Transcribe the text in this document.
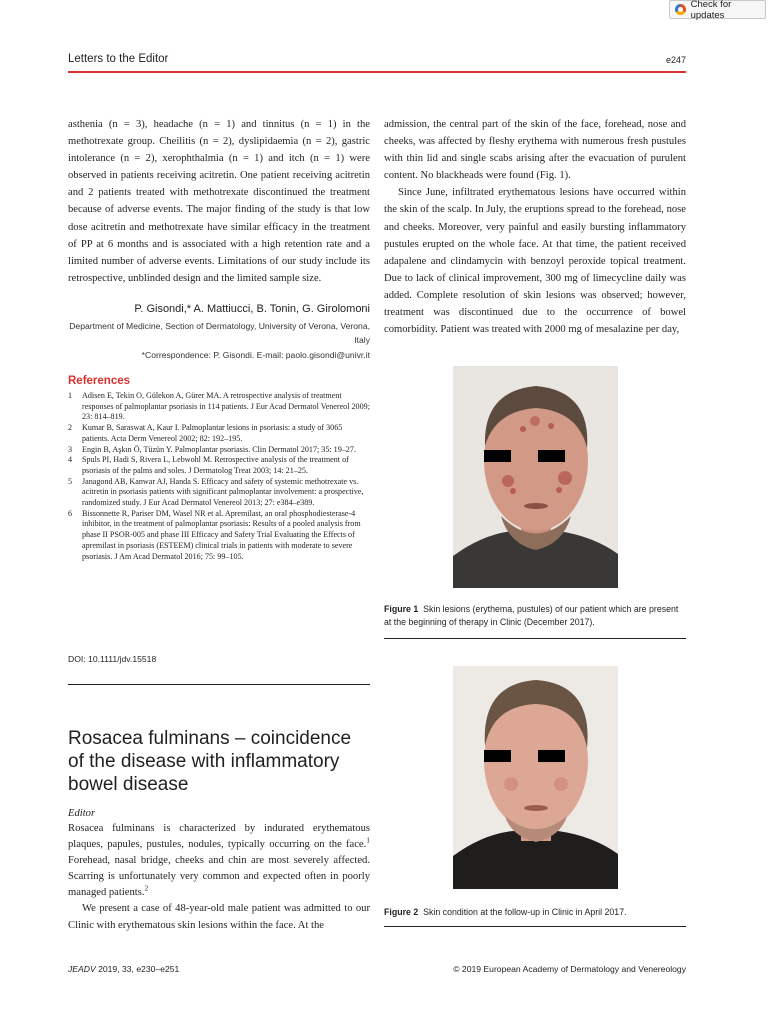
Check for updates
Letters to the Editor	e247

asthenia (n = 3), headache (n = 1) and tinnitus (n = 1) in the methotrexate group. Cheilitis (n = 2), dyslipidaemia (n = 2), gastric intolerance (n = 2), xerophthalmia (n = 1) and itch (n = 1) were observed in patients receiving acitretin. One patient receiving acitretin and 2 patients treated with methotrexate discontinued the treatment because of adverse events. The major finding of the study is that low dose acitretin and methotrexate have similar efficacy in the treatment of PP at 6 months and is associated with a high retention rate and a limited number of adverse events. Limitations of our study include its retrospective, unblinded design and the limited sample size.

P. Gisondi,* A. Mattiucci, B. Tonin, G. Girolomoni

Department of Medicine, Section of Dermatology, University of Verona, Verona, Italy

*Correspondence: P. Gisondi. E-mail: paolo.gisondi@univr.it

References

1 Adisen E, Tekin O, Gülekon A, Gürer MA. A retrospective analysis of treatment responses of palmoplantar psoriasis in 114 patients. J Eur Acad Dermatol Venereol 2009; 23: 814–819.
2 Kumar B, Saraswat A, Kaur I. Palmoplantar lesions in psoriasis: a study of 3065 patients. Acta Derm Venereol 2002; 82: 192–195.
3 Engin B, Aşkın Ö, Tüzün Y. Palmoplantar psoriasis. Clin Dermatol 2017; 35: 19–27.
4 Spuls PI, Hadi S, Rivera L, Lebwohl M. Retrospective analysis of the treatment of psoriasis of the palms and soles. J Dermatolog Treat 2003; 14: 21–25.
5 Janagond AB, Kanwar AJ, Handa S. Efficacy and safety of systemic methotrexate vs. acitretin in psoriasis patients with significant palmoplantar involvement: a prospective, randomized study. J Eur Acad Dermatol Venereol 2013; 27: e384–e389.
6 Bissonnette R, Pariser DM, Wasel NR et al. Apremilast, an oral phosphodiesterase-4 inhibitor, in the treatment of palmoplantar psoriasis: Results of a pooled analysis from phase II PSOR-005 and phase III Efficacy and Safety Trial Evaluating the Effects of apremilast in psoriasis (ESTEEM) clinical trials in patients with moderate to severe psoriasis. J Am Acad Dermatol 2016; 75: 99–105.
DOI: 10.1111/jdv.15518
Rosacea fulminans – coincidence of the disease with inflammatory bowel disease

Editor

Rosacea fulminans is characterized by indurated erythematous plaques, papules, pustules, nodules, typically occurring on the face.$^1$ Forehead, nasal bridge, cheeks and chin are most severely affected. Scarring is unfortunately very common and expected often in poorly managed patients.$^2$

We present a case of 48-year-old male patient was admitted to our Clinic with erythematous skin lesions within the face. At the

admission, the central part of the skin of the face, forehead, nose and cheeks, was affected by fleshy erythema with numerous fresh pustules with thin lid and single scabs arising after the evacuation of purulent content. No blackheads were found (Fig. 1).

Since June, infiltrated erythematous lesions have occurred within the skin of the scalp. In July, the eruptions spread to the forehead, nose and cheeks. Moreover, very painful and easily bursting inflammatory pustules erupted on the whole face. At that time, the patient received adapalene and clindamycin with benzoyl peroxide topical treatment. Due to lack of clinical improvement, 300 mg of limecycline daily was added. Complete resolution of skin lesions was observed; however, treatment was discontinued due to the occurrence of bowel comorbidity. Patient was treated with 2000 mg of mesalazine per day,

Figure 1 Skin lesions (erythema, pustules) of our patient which are present at the beginning of therapy in Clinic (December 2017).

Figure 2 Skin condition at the follow-up in Clinic in April 2017.

JEADV 2019, 33, e230–e251	© 2019 European Academy of Dermatology and Venereology
